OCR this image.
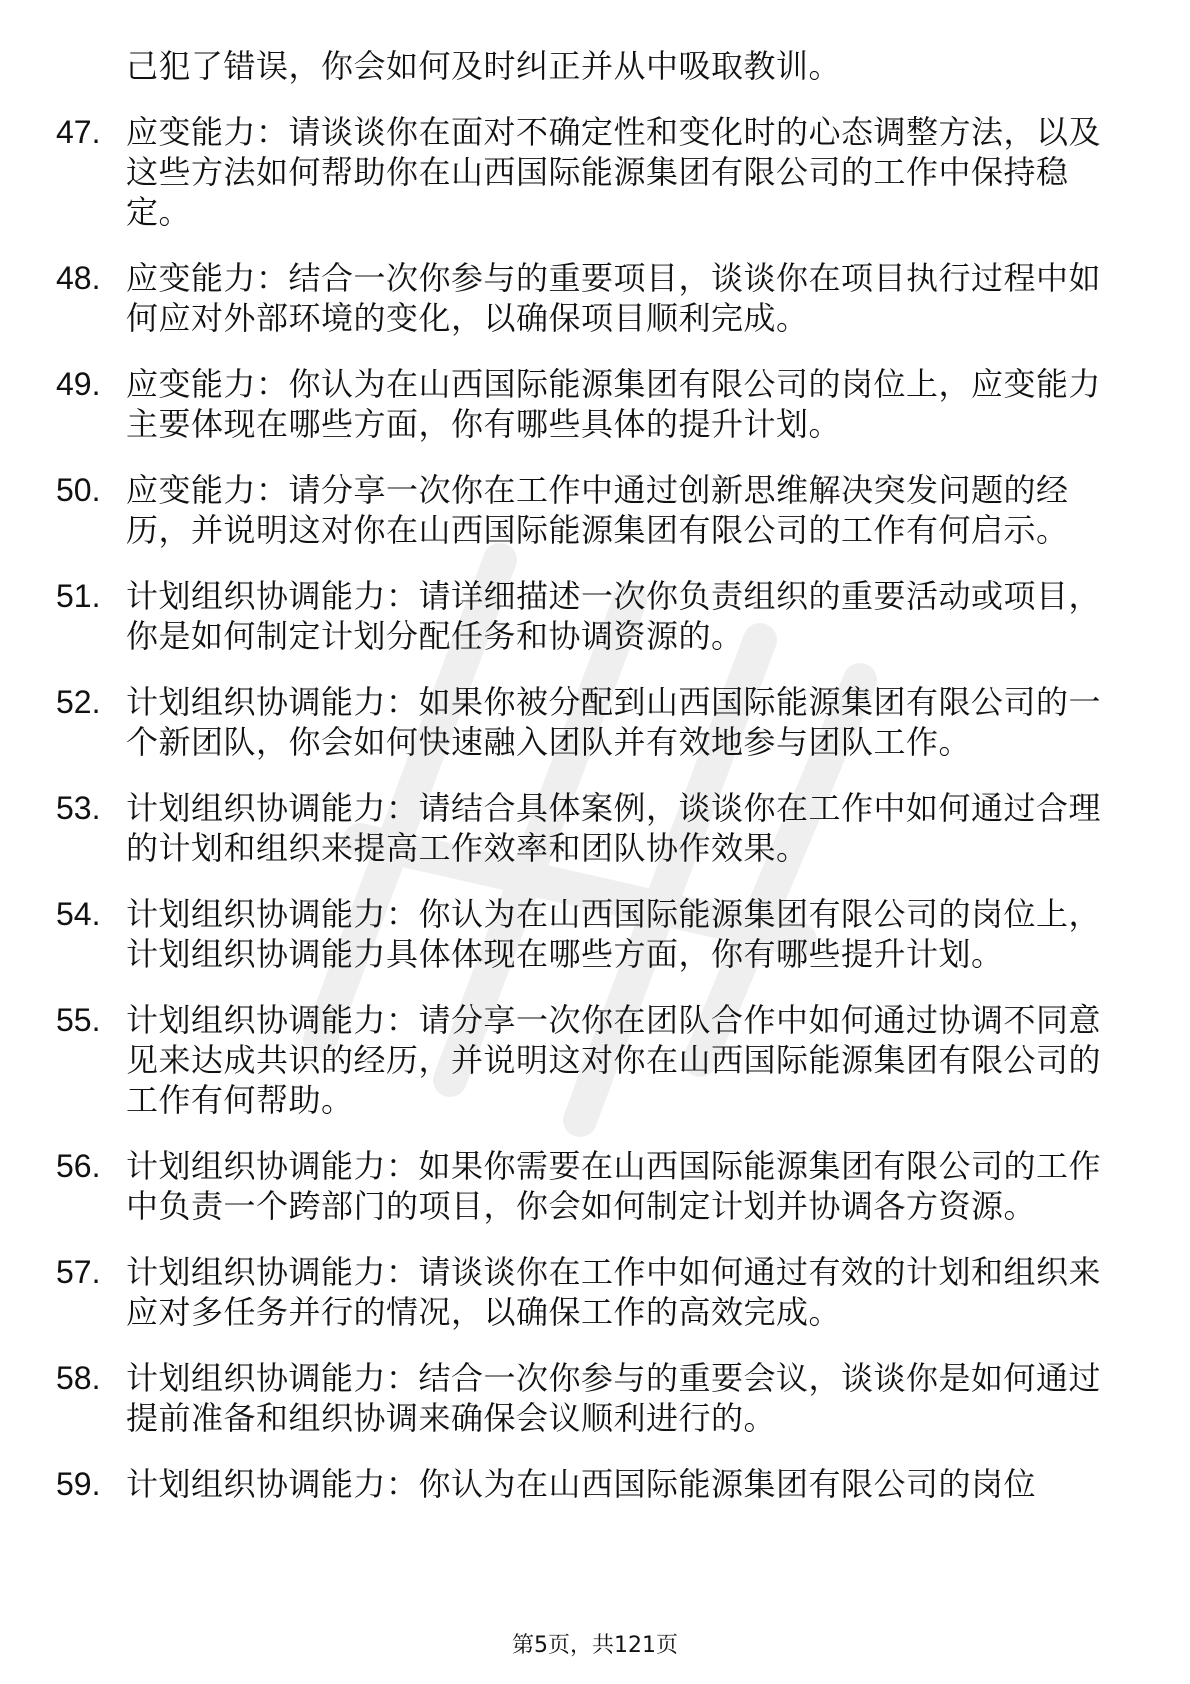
己犯了错误，你会如何及时纠正并从中吸取教训。
47. 应变能力：请谈谈你在面对不确定性和变化时的心态调整方法，以及这些方法如何帮助你在山西国际能源集团有限公司的工作中保持稳定。
48. 应变能力：结合一次你参与的重要项目，谈谈你在项目执行过程中如何应对外部环境的变化，以确保项目顺利完成。
49. 应变能力：你认为在山西国际能源集团有限公司的岗位上，应变能力主要体现在哪些方面，你有哪些具体的提升计划。
50. 应变能力：请分享一次你在工作中通过创新思维解决突发问题的经历，并说明这对你在山西国际能源集团有限公司的工作有何启示。
51. 计划组织协调能力：请详细描述一次你负责组织的重要活动或项目，你是如何制定计划分配任务和协调资源的。
52. 计划组织协调能力：如果你被分配到山西国际能源集团有限公司的一个新团队，你会如何快速融入团队并有效地参与团队工作。
53. 计划组织协调能力：请结合具体案例，谈谈你在工作中如何通过合理的计划和组织来提高工作效率和团队协作效果。
54. 计划组织协调能力：你认为在山西国际能源集团有限公司的岗位上，计划组织协调能力具体体现在哪些方面，你有哪些提升计划。
55. 计划组织协调能力：请分享一次你在团队合作中如何通过协调不同意见来达成共识的经历，并说明这对你在山西国际能源集团有限公司的工作有何帮助。
56. 计划组织协调能力：如果你需要在山西国际能源集团有限公司的工作中负责一个跨部门的项目，你会如何制定计划并协调各方资源。
57. 计划组织协调能力：请谈谈你在工作中如何通过有效的计划和组织来应对多任务并行的情况，以确保工作的高效完成。
58. 计划组织协调能力：结合一次你参与的重要会议，谈谈你是如何通过提前准备和组织协调来确保会议顺利进行的。
59. 计划组织协调能力：你认为在山西国际能源集团有限公司的岗位
第5页，共121页
